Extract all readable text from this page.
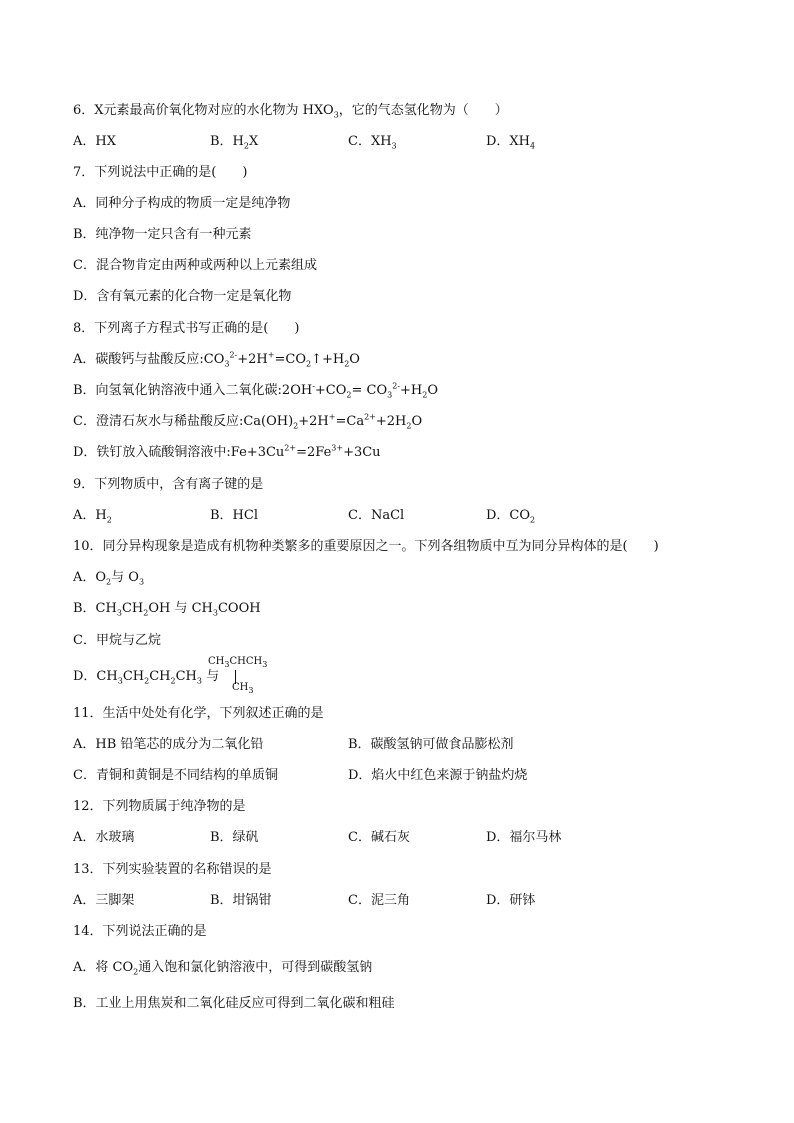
6．X元素最高价氧化物对应的水化物为 $HXO_3$，它的气态氢化物为（　　）
A．HX	B．$H_2X$	C．$XH_3$	D．$XH_4$
7．下列说法中正确的是(　　)
A．同种分子构成的物质一定是纯净物
B．纯净物一定只含有一种元素
C．混合物肯定由两种或两种以上元素组成
D．含有氧元素的化合物一定是氧化物
8．下列离子方程式书写正确的是(　　)
A．碳酸钙与盐酸反应$:CO_3^{2-}+2H^+=CO_2↑+H_2O$
B．向氢氧化钠溶液中通入二氧化碳$:2OH^-+CO_2= CO_3^{2-}+H_2O$
C．澄清石灰水与稀盐酸反应$:Ca(OH)_2+2H^+=Ca^{2+}+2H_2O$
D．铁钉放入硫酸铜溶液中$:Fe+3Cu^{2+}=2Fe^{3+}+3Cu$
9．下列物质中，含有离子键的是
A．$H_2$	B．HCl	C．NaCl	D．$CO_2$
10．同分异构现象是造成有机物种类繁多的重要原因之一。下列各组物质中互为同分异构体的是(　　)
A．$O_2$与 $O_3$
B．$CH_3CH_2OH$ 与 $CH_3COOH$
C．甲烷与乙烷
D．$CH_3CH_2CH_2CH_3$ 与
$CH_3CHCH_3$
$CH_3$
11．生活中处处有化学，下列叙述正确的是
A．HB 铅笔芯的成分为二氧化铅	B．碳酸氢钠可做食品膨松剂
C．青铜和黄铜是不同结构的单质铜	D．焰火中红色来源于钠盐灼烧
12．下列物质属于纯净物的是
A．水玻璃	B．绿矾	C．碱石灰	D．福尔马林
13．下列实验装置的名称错误的是
A．三脚架	B．坩锅钳	C．泥三角	D．研钵
14．下列说法正确的是
A．将 $CO_2$通入饱和氯化钠溶液中，可得到碳酸氢钠
B．工业上用焦炭和二氧化硅反应可得到二氧化碳和粗硅
